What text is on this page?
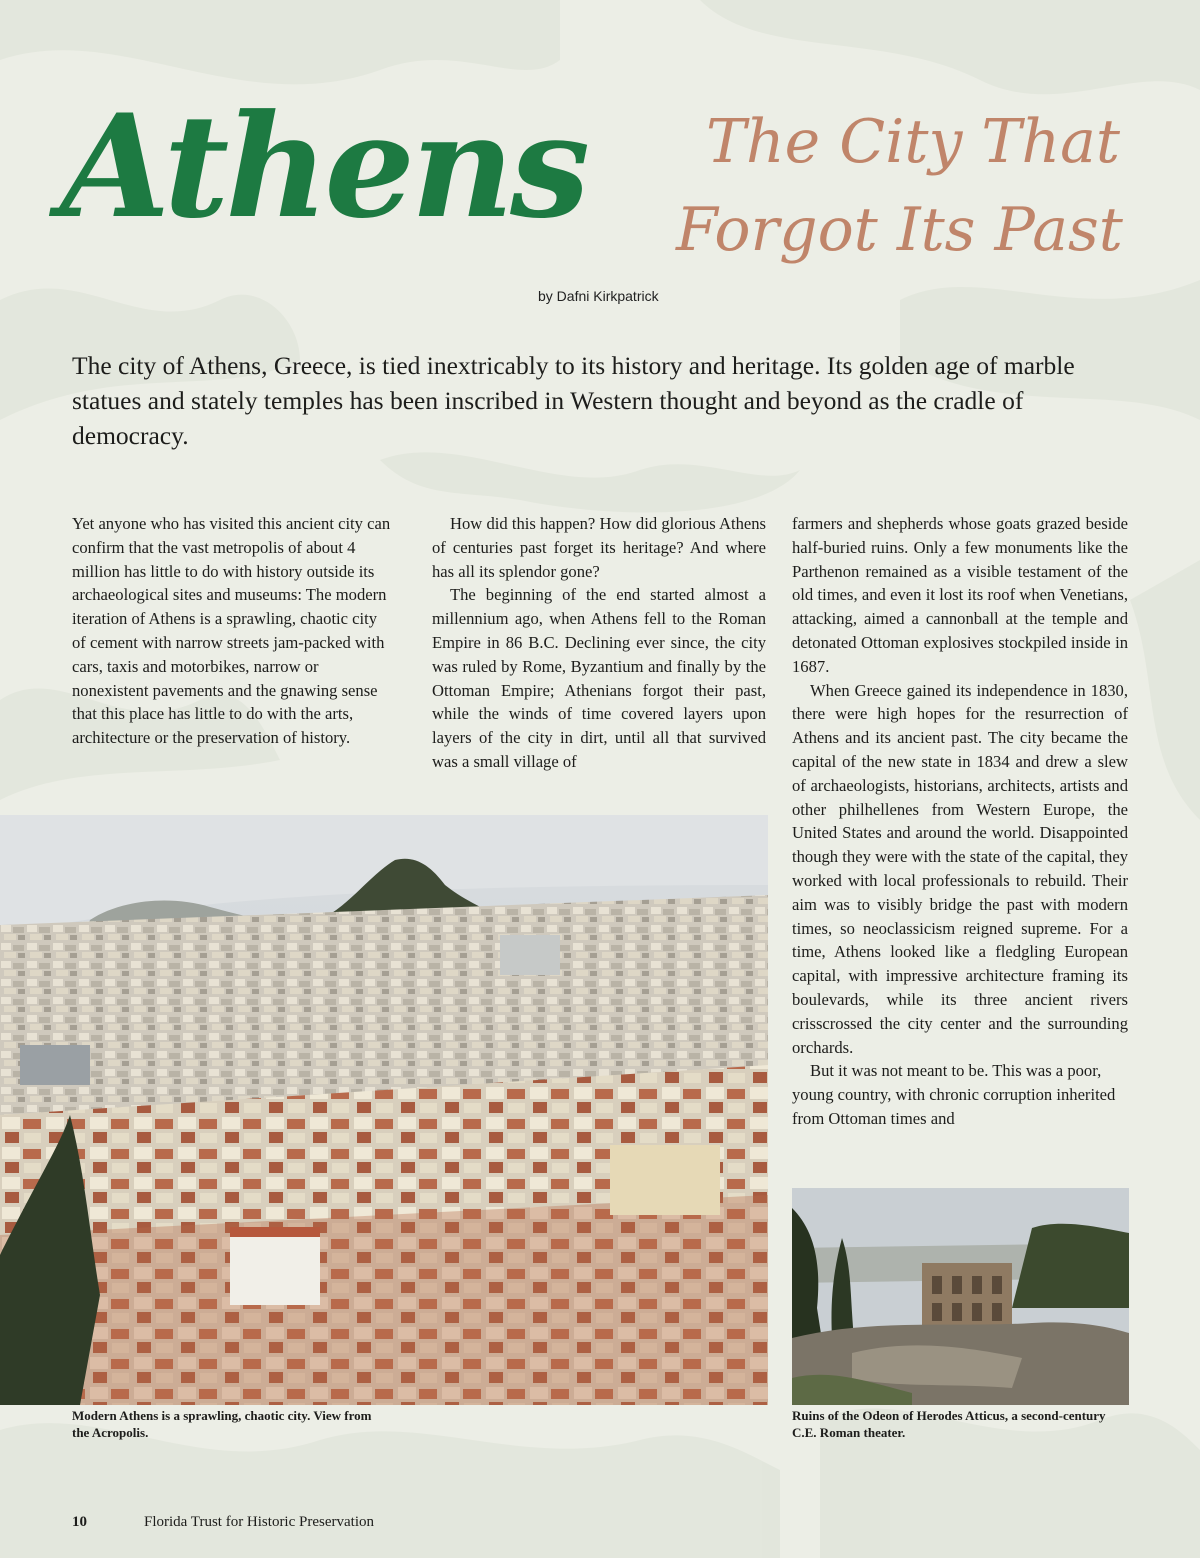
Athens The City That
Forgot Its Past
by Dafni Kirkpatrick
The city of Athens, Greece, is tied inextricably to its history and heritage. Its golden age of marble statues and stately temples has been inscribed in Western thought and beyond as the cradle of democracy.

Yet anyone who has visited this ancient city can confirm that the vast metropolis of about 4 million has little to do with history outside its archaeological sites and museums: The modern iteration of Athens is a sprawling, chaotic city of cement with narrow streets jam-packed with cars, taxis and motorbikes, narrow or nonexistent pavements and the gnawing sense that this place has little to do with the arts, architecture or the preservation of history.

How did this happen? How did glorious Athens of centuries past forget its heritage? And where has all its splendor gone?

The beginning of the end started almost a millennium ago, when Athens fell to the Roman Empire in 86 B.C. Declining ever since, the city was ruled by Rome, Byzantium and finally by the Ottoman Empire; Athenians forgot their past, while the winds of time covered layers upon layers of the city in dirt, until all that survived was a small village of

farmers and shepherds whose goats grazed beside half-buried ruins. Only a few monuments like the Parthenon remained as a visible testament of the old times, and even it lost its roof when Venetians, attacking, aimed a cannonball at the temple and detonated Ottoman explosives stockpiled inside in 1687.

When Greece gained its independence in 1830, there were high hopes for the resurrection of Athens and its ancient past. The city became the capital of the new state in 1834 and drew a slew of archaeologists, historians, architects, artists and other philhellenes from Western Europe, the United States and around the world. Disappointed though they were with the state of the capital, they worked with local professionals to rebuild. Their aim was to visibly bridge the past with modern times, so neoclassicism reigned supreme. For a time, Athens looked like a fledgling European capital, with impressive architecture framing its boulevards, while its three ancient rivers crisscrossed the city center and the surrounding orchards.

But it was not meant to be. This was a poor, young country, with chronic corruption inherited from Ottoman times and

Modern Athens is a sprawling, chaotic city. View from the Acropolis.
Ruins of the Odeon of Herodes Atticus, a second-century C.E. Roman theater.
10	Florida Trust for Historic Preservation
